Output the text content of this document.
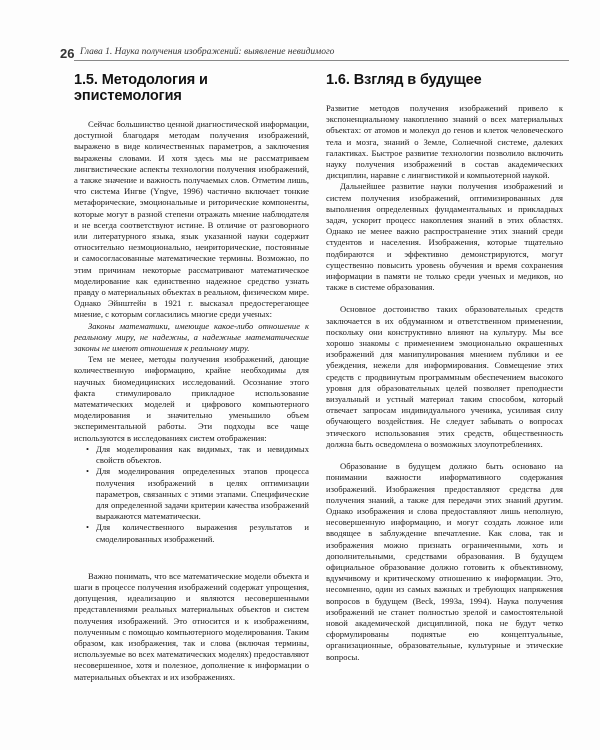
26 Глава 1. Наука получения изображений: выявление невидимого
1.5. Методология и эпистемология

Сейчас большинство ценной диагностической информации, доступной благодаря методам получения изображений, выражено в виде количественных параметров, а заключения выражены словами. И хотя здесь мы не рассматриваем лингвистические аспекты технологии получения изображений, а также значение и важность получаемых слов. Отметим лишь, что система Ингве (Yngve, 1996) частично включает тонкие метафорические, эмоциональные и риторические компоненты, которые могут в разной степени отражать мнение наблюдателя и не всегда соответствуют истине. В отличие от разговорного или литературного языка, язык указанной науки содержит относительно незмоционально, неириторические, постоянные и самосогласованные математические термины. Возможно, по этим причинам некоторые рассматривают математическое моделирование как единственно надежное средство узнать правду о материальных объектах в реальном, физическом мире. Однако Эйнштейн в 1921 г. высказал предостерегающее мнение, с которым согласились многие среди ученых:

Законы математики, имеющие какое-либо отношение к реальному миру, не надежны, а надежные математические законы не имеют отношения к реальному миру.

Тем не менее, методы получения изображений, дающие количественную информацию, крайне необходимы для научных биомедицинских исследований. Осознание этого факта стимулировало прикладное использование математических моделей и цифрового компьютерного моделирования и значительно уменьшило объем экспериментальной работы. Эти подходы все чаще используются в исследованиях систем отображения:

• Для моделирования как видимых, так и невидимых свойств объектов.
• Для моделирования определенных этапов процесса получения изображений в целях оптимизации параметров, связанных с этими этапами. Специфические для определенной задачи критерии качества изображений выражаются математически.
• Для количественного выражения результатов и смоделированных изображений.

Важно понимать, что все математические модели объекта и шаги в процессе получения изображений содержат упрощения, допущения, идеализацию и являются несовершенными представлениями реальных материальных объектов и систем получения изображений. Это относится и к изображениям, полученным с помощью компьютерного моделирования. Таким образом, как изображения, так и слова (включая термины, используемые во всех математических моделях) предоставляют несовершенное, хотя и полезное, дополнение к информации о материальных объектах и их изображениях.

1.6. Взгляд в будущее

Развитие методов получения изображений привело к экспоненциальному накоплению знаний о всех материальных объектах: от атомов и молекул до генов и клеток человеческого тела и мозга, знаний о Земле, Солнечной системе, далеких галактиках. Быстрое развитие технологии позволило включить науку получения изображений в состав академических дисциплин, наравне с лингвистикой и компьютерной наукой.

Дальнейшее развитие науки получения изображений и систем получения изображений, оптимизированных для выполнения определенных фундаментальных и прикладных задач, ускорит процесс накопления знаний в этих областях. Однако не менее важно распространение этих знаний среди студентов и населения. Изображения, которые тщательно подбираются и эффективно демонстрируются, могут существенно повысить уровень обучения и время сохранения информации в памяти не только среди ученых и медиков, но также в системе образования.

Основное достоинство таких образовательных средств заключается в их обдуманном и ответственном применении, поскольку они конструктивно влияют на культуру. Мы все хорошо знакомы с применением эмоционально окрашенных изображений для манипулирования мнением публики и ее убеждения, нежели для информирования. Совмещение этих средств с продвинутым программным обеспечением высокого уровня для образовательных целей позволяет преподнести визуальный и устный материал таким способом, который отвечает запросам индивидуального ученика, усиливая силу обучающего воздействия. Не следует забывать о вопросах этического использования этих средств, общественность должна быть осведомлена о возможных злоупотреблениях.

Образование в будущем должно быть основано на понимании важности информативного содержания изображений. Изображения предоставляют средства для получения знаний, а также для передачи этих знаний другим. Однако изображения и слова предоставляют лишь неполную, несовершенную информацию, и могут создать ложное или вводящее в заблуждение впечатление. Как слова, так и изображения можно признать ограниченными, хоть и дополнительными, средствами образования. В будущем официальное образование должно готовить к объективному, вдумчивому и критическому отношению к информации. Это, несомненно, один из самых важных и требующих напряжения вопросов в будущем (Beck, 1993a, 1994). Наука получения изображений не станет полностью зрелой и самостоятельной новой академической дисциплиной, пока не будут четко сформулированы поднятые ею концептуальные, организационные, образовательные, культурные и этические вопросы.
